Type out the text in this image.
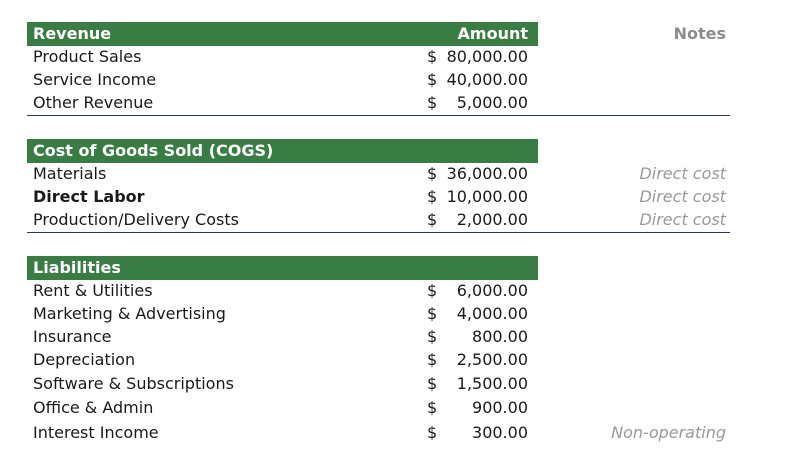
Revenue	Amount	Notes
Product Sales	$ 80,000.00
Service Income	$ 40,000.00
Other Revenue	$ 5,000.00
Cost of Goods Sold (COGS)
Materials	$ 36,000.00	Direct cost
Direct Labor	$ 10,000.00	Direct cost
Production/Delivery Costs	$ 2,000.00	Direct cost
Liabilities
Rent & Utilities	$ 6,000.00
Marketing & Advertising	$ 4,000.00
Insurance	$ 800.00
Depreciation	$ 2,500.00
Software & Subscriptions	$ 1,500.00
Office & Admin	$ 900.00
Interest Income	$ 300.00	Non-operating
